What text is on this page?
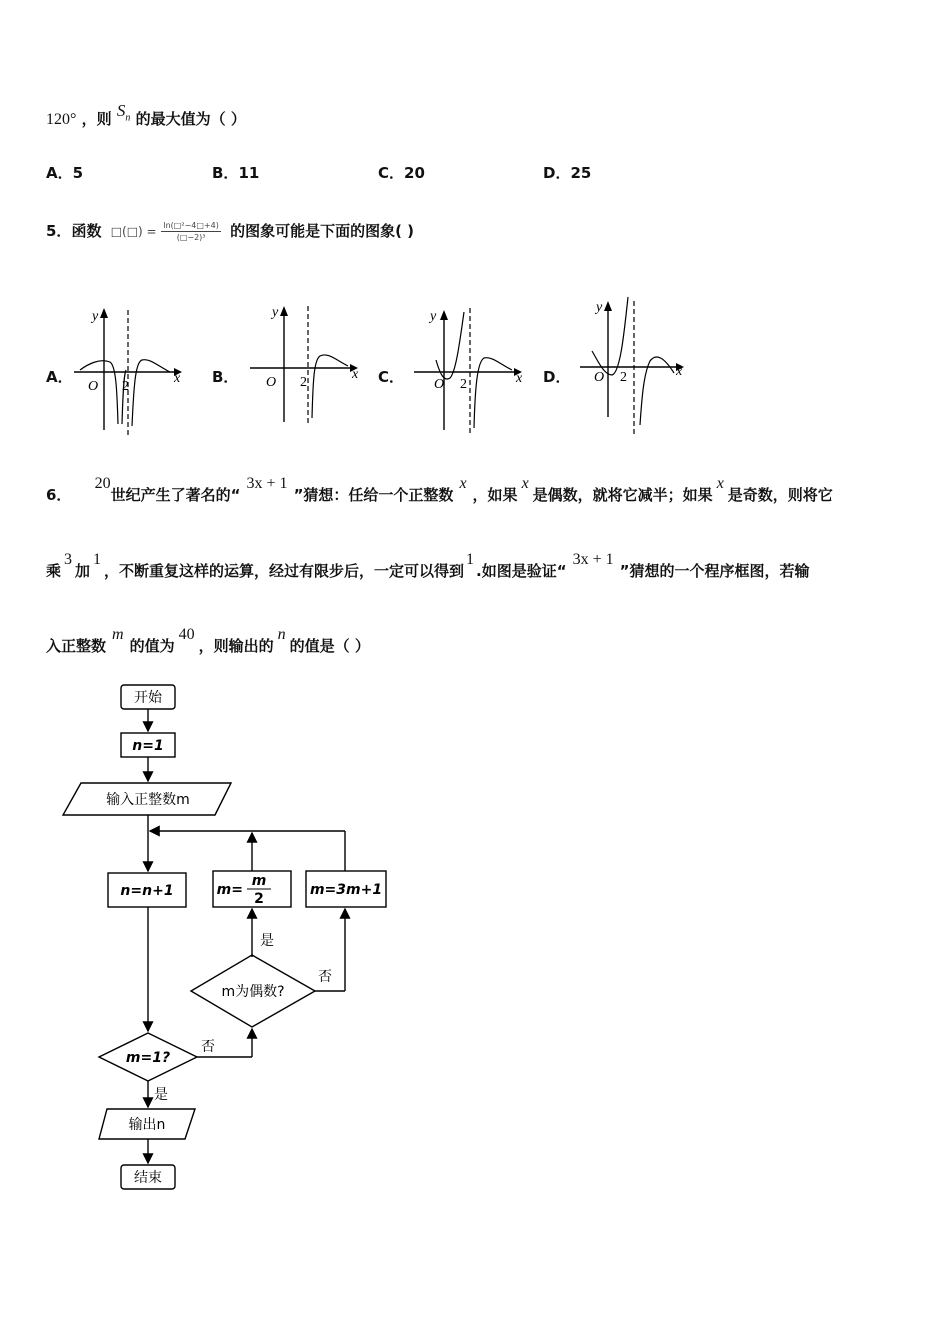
120° ，则 $S_n$ 的最大值为（ ）
A．5	B．11	C．20	D．25
5．函数 □(□) = $\frac{\text{ln(□²−4□+4)}}{\text{(□−2)³}}$ 的图象可能是下面的图象( )
A．	B．	C．	D．
y
x
O 2
y
x
O 2
y
x
O 2
y
x
O 2
6． 20世纪产生了著名的“3x + 1”猜想：任给一个正整数x，如果x是偶数，就将它减半；如果x是奇数，则将它
乘3加1，不断重复这样的运算，经过有限步后，一定可以得到1.如图是验证“3x + 1”猜想的一个程序框图，若输
入正整数m的值为40，则输出的n的值是（ ）
开始
n=1
输入正整数m
n=n+1	m=
m
2
m=3m+1
m为偶数?
是
否
m=1?
否
是
输出n
结束
